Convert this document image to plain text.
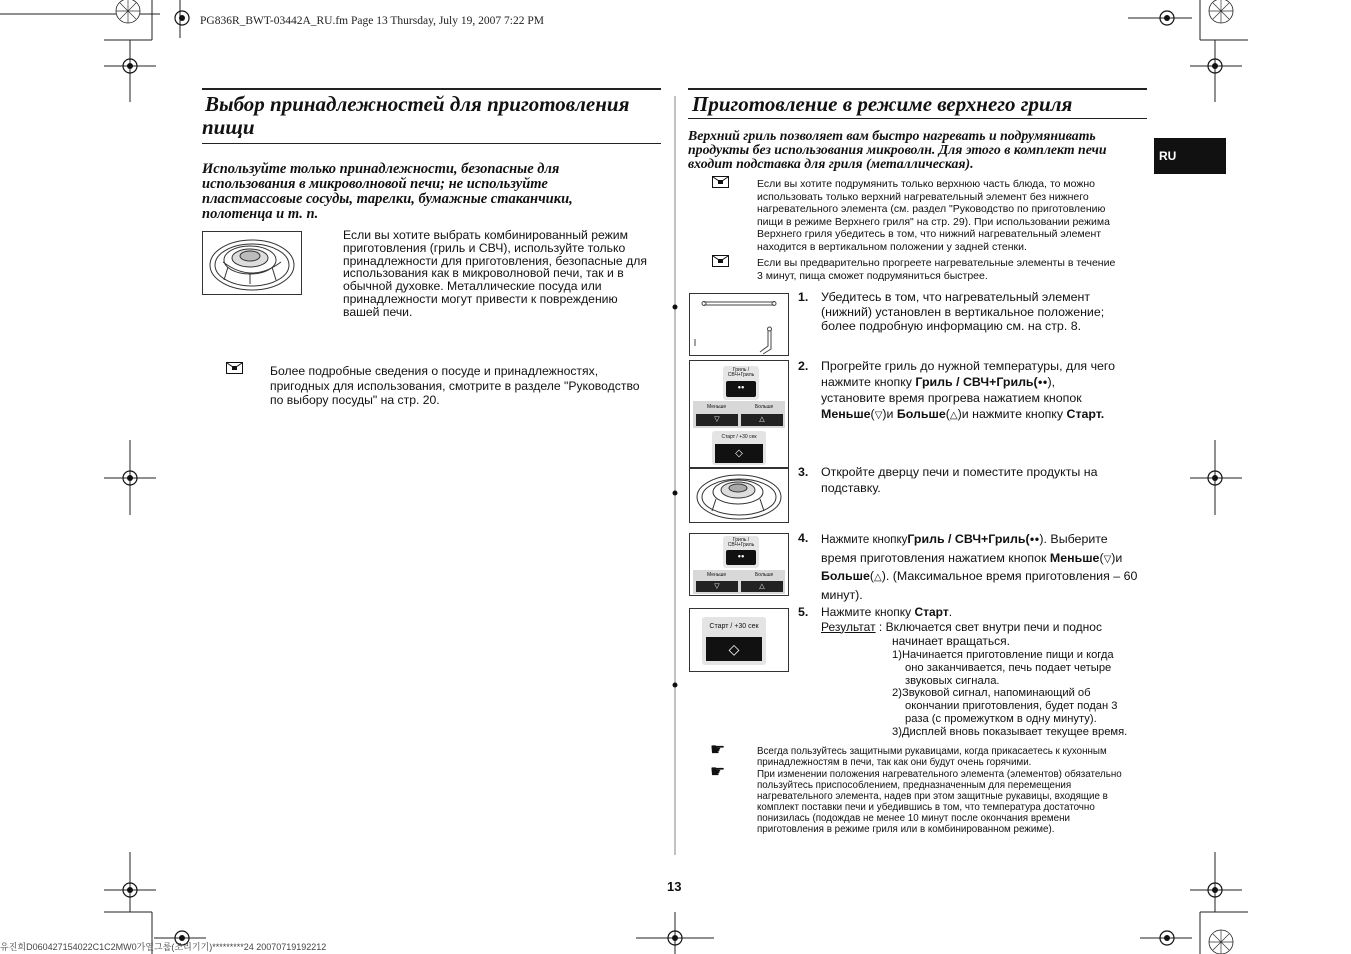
PG836R_BWT-03442A_RU.fm Page 13 Thursday, July 19, 2007 7:22 PM
RU
Выбор принадлежностей для приготовления
пищи
Используйте только принадлежности, безопасные для
использования в микроволновой печи; не используйте
пластмассовые сосуды, тарелки, бумажные стаканчики,
полотенца и т. п.
Если вы хотите выбрать комбинированный режим
приготовления (гриль и СВЧ), используйте только
принадлежности для приготовления, безопасные для
использования как в микроволновой печи, так и в
обычной духовке. Металлические посуда или
принадлежности могут привести к повреждению
вашей печи.
Более подробные сведения о посуде и принадлежностях,
пригодных для использования, смотрите в разделе "Руководство
по выбору посуды" на стр. 20.
Приготовление в режиме верхнего гриля
Верхний гриль позволяет вам быстро нагревать и подрумянивать
продукты без использования микроволн. Для этого в комплект печи
входит подставка для гриля (металлическая).
Если вы хотите подрумянить только верхнюю часть блюда, то можно
использовать только верхний нагревательный элемент без нижнего
нагревательного элемента (см. раздел "Руководство по приготовлению
пищи в режиме Верхнего гриля" на стр. 29). При использовании режима
Верхнего гриля убедитесь в том, что нижний нагревательный элемент
находится в вертикальном положении у задней стенки.
Если вы предварительно прогреете нагревательные элементы в течение
3 минут, пища сможет подрумяниться быстрее.
Гриль /
СВЧ+Гриль
ꔷꔷ
Меньше	Больше
▽	△
Старт / +30 сек
◇
Гриль /
СВЧ+Гриль
ꔷꔷ
Меньше	Больше
▽	△
Старт / +30 сек
◇
1. Убедитесь в том, что нагревательный элемент
(нижний) установлен в вертикальное положение;
более подробную информацию см. на стр. 8.
2. Прогрейте гриль до нужной температуры, для чего
нажмите кнопку Гриль / СВЧ+Гриль(ꔷꔷ),
установите время прогрева нажатием кнопок
Меньше(▽)и Больше(△)и нажмите кнопку Старт.
3. Откройте дверцу печи и поместите продукты на
подставку.
4. Нажмите кнопкуГриль / СВЧ+Гриль(ꔷꔷ). Выберите
время приготовления нажатием кнопок Меньше(▽)и
Больше(△). (Максимальное время приготовления – 60
минут).
5. Нажмите кнопку Старт.
Результат : Включается свет внутри печи и поднос
начинает вращаться.
1)Начинается приготовление пищи и когда
оно заканчивается, печь подает четыре
звуковых сигнала.
2)Звуковой сигнал, напоминающий об
окончании приготовления, будет подан 3
раза (с промежутком в одну минуту).
3)Дисплей вновь показывает текущее время.
☛	Всегда пользуйтесь защитными рукавицами, когда прикасаетесь к кухонным
принадлежностям в печи, так как они будут очень горячими.
☛	При изменении положения нагревательного элемента (элементов) обязательно
пользуйтесь приспособлением, предназначенным для перемещения
нагревательного элемента, надев при этом защитные рукавицы, входящие в
комплект поставки печи и убедившись в том, что температура достаточно
понизилась (подождав не менее 10 минут после окончания времени
приготовления в режиме гриля или в комбинированном режиме).
13
유진희D060427154022C1C2MW0가열그룹(조리기기)*********24 20070719192212
